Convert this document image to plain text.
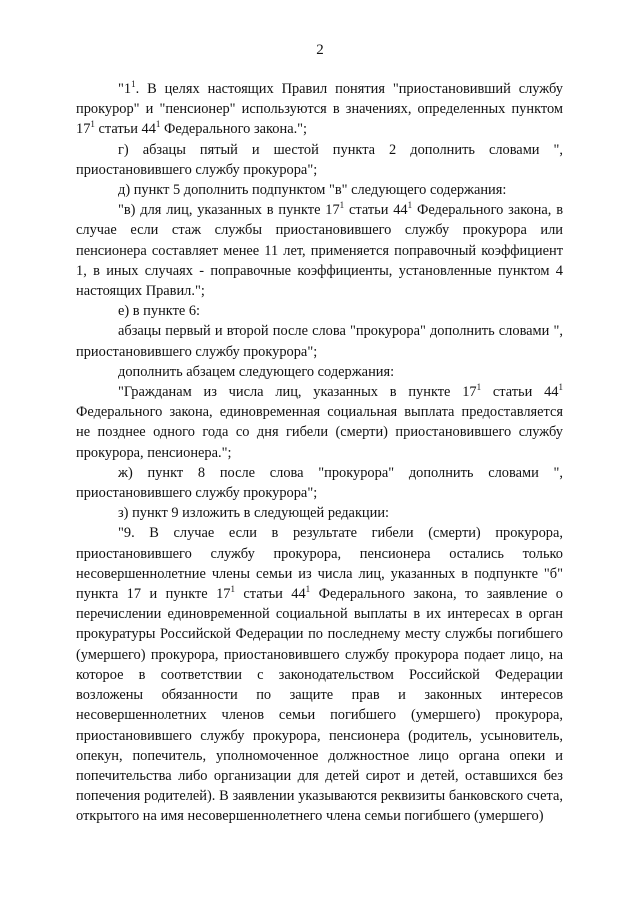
2

"$1^1$. В целях настоящих Правил понятия "приостановивший службу прокурор" и "пенсионер" используются в значениях, определенных пунктом $17^1$ статьи $44^1$ Федерального закона.";

г) абзацы пятый и шестой пункта 2 дополнить словами ", приостановившего службу прокурора";

д) пункт 5 дополнить подпунктом "в" следующего содержания:

"в) для лиц, указанных в пункте $17^1$ статьи $44^1$ Федерального закона, в случае если стаж службы приостановившего службу прокурора или пенсионера составляет менее 11 лет, применяется поправочный коэффициент 1, в иных случаях - поправочные коэффициенты, установленные пунктом 4 настоящих Правил.";

е) в пункте 6:

абзацы первый и второй после слова "прокурора" дополнить словами ", приостановившего службу прокурора";

дополнить абзацем следующего содержания:

"Гражданам из числа лиц, указанных в пункте $17^1$ статьи $44^1$ Федерального закона, единовременная социальная выплата предоставляется не позднее одного года со дня гибели (смерти) приостановившего службу прокурора, пенсионера.";

ж) пункт 8 после слова "прокурора" дополнить словами ", приостановившего службу прокурора";

з) пункт 9 изложить в следующей редакции:

"9. В случае если в результате гибели (смерти) прокурора, приостановившего службу прокурора, пенсионера остались только несовершеннолетние члены семьи из числа лиц, указанных в подпункте "б" пункта 17 и пункте $17^1$ статьи $44^1$ Федерального закона, то заявление о перечислении единовременной социальной выплаты в их интересах в орган прокуратуры Российской Федерации по последнему месту службы погибшего (умершего) прокурора, приостановившего службу прокурора подает лицо, на которое в соответствии с законодательством Российской Федерации возложены обязанности по защите прав и законных интересов несовершеннолетних членов семьи погибшего (умершего) прокурора, приостановившего службу прокурора, пенсионера (родитель, усыновитель, опекун, попечитель, уполномоченное должностное лицо органа опеки и попечительства либо организации для детей сирот и детей, оставшихся без попечения родителей). В заявлении указываются реквизиты банковского счета, открытого на имя несовершеннолетнего члена семьи погибшего (умершего)
